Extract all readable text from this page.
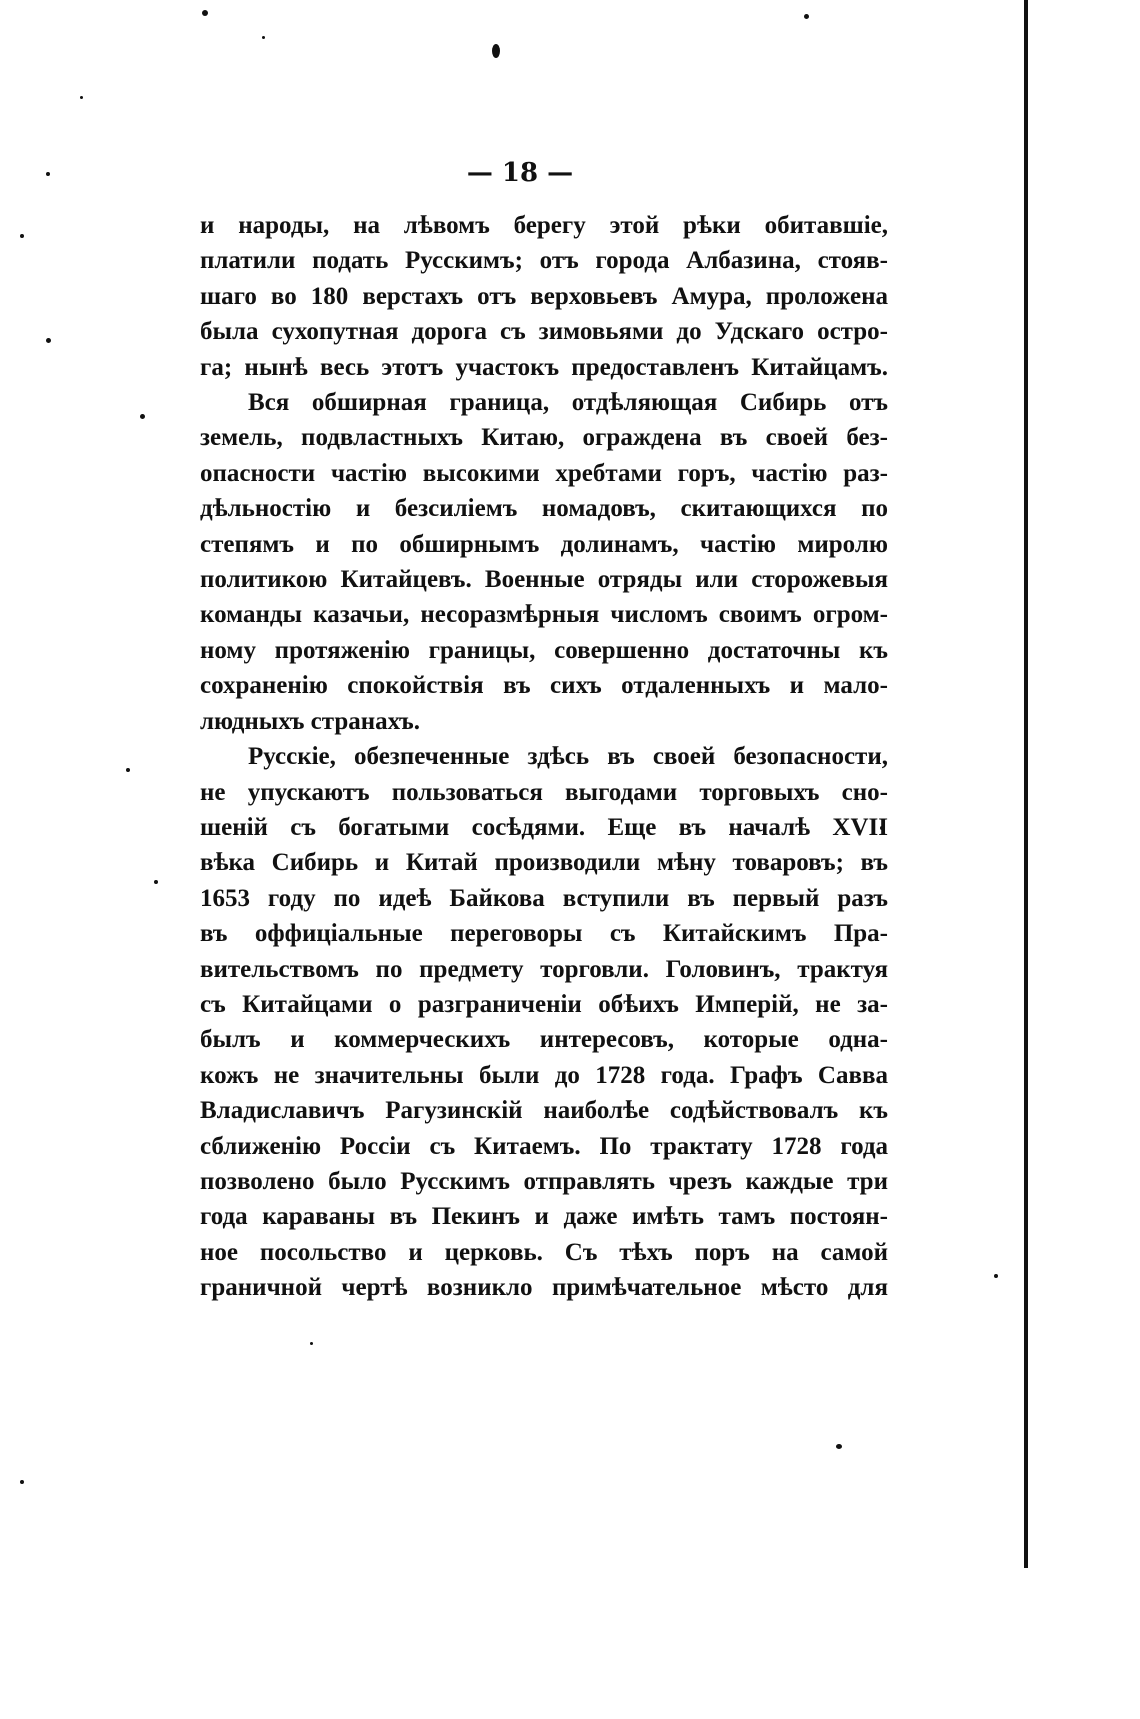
— 18 —
и народы, на лѣвомъ берегу этой рѣки обитавшіе,
платили подать Русскимъ; отъ города Албазина, стояв-
шаго во 180 верстахъ отъ верховьевъ Амура, проложена
была сухопутная дорога съ зимовьями до Удскаго остро-
га; нынѣ весь этотъ участокъ предоставленъ Китайцамъ.
Вся обширная граница, отдѣляющая Сибирь отъ
земель, подвластныхъ Китаю, ограждена въ своей без-
опасности частію высокими хребтами горъ, частію раз-
дѣльностію и безсиліемъ номадовъ, скитающихся по
степямъ и по обширнымъ долинамъ, частію миролю
политикою Китайцевъ. Военные отряды или сторожевыя
команды казачьи, несоразмѣрныя числомъ своимъ огром-
ному протяженію границы, совершенно достаточны къ
сохраненію спокойствія въ сихъ отдаленныхъ и мало-
людныхъ странахъ.
Русскіе, обезпеченные здѣсь въ своей безопасности,
не упускаютъ пользоваться выгодами торговыхъ сно-
шеній съ богатыми сосѣдями. Еще въ началѣ XVII
вѣка Сибирь и Китай производили мѣну товаровъ; въ
1653 году по идеѣ Байкова вступили въ первый разъ
въ оффиціальные переговоры съ Китайскимъ Пра-
вительствомъ по предмету торговли. Головинъ, трактуя
съ Китайцами о разграниченіи обѣихъ Имперій, не за-
былъ и коммерческихъ интересовъ, которые одна-
кожъ не значительны были до 1728 года. Графъ Савва
Владиславичъ Рагузинскій наиболѣе содѣйствовалъ къ
сближенію Россіи съ Китаемъ. По трактату 1728 года
позволено было Русскимъ отправлять чрезъ каждые три
года караваны въ Пекинъ и даже имѣть тамъ постоян-
ное посольство и церковь. Съ тѣхъ поръ на самой
граничной чертѣ возникло примѣчательное мѣсто для
